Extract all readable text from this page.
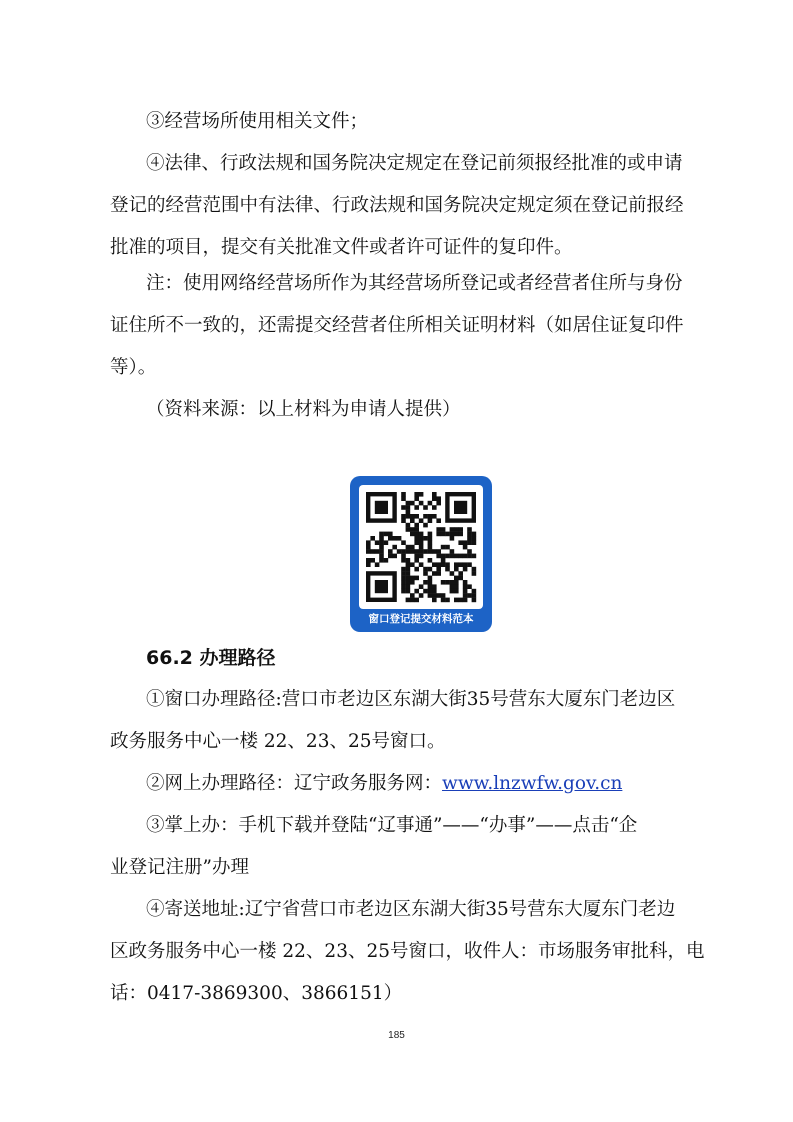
③经营场所使用相关文件；
④法律、行政法规和国务院决定规定在登记前须报经批准的或申请
登记的经营范围中有法律、行政法规和国务院决定规定须在登记前报经
批准的项目，提交有关批准文件或者许可证件的复印件。
注：使用网络经营场所作为其经营场所登记或者经营者住所与身份
证住所不一致的，还需提交经营者住所相关证明材料（如居住证复印件
等）。
（资料来源：以上材料为申请人提供）
窗口登记提交材料范本
66.2 办理路径
①窗口办理路径:营口市老边区东湖大街35号营东大厦东门老边区
政务服务中心一楼 22、23、25号窗口。
②网上办理路径：辽宁政务服务网：www.lnzwfw.gov.cn
③掌上办：手机下载并登陆“辽事通”——“办事”——点击“企
业登记注册”办理
④寄送地址:辽宁省营口市老边区东湖大街35号营东大厦东门老边
区政务服务中心一楼 22、23、25号窗口，收件人：市场服务审批科，电
话：0417-3869300、3866151）
185
